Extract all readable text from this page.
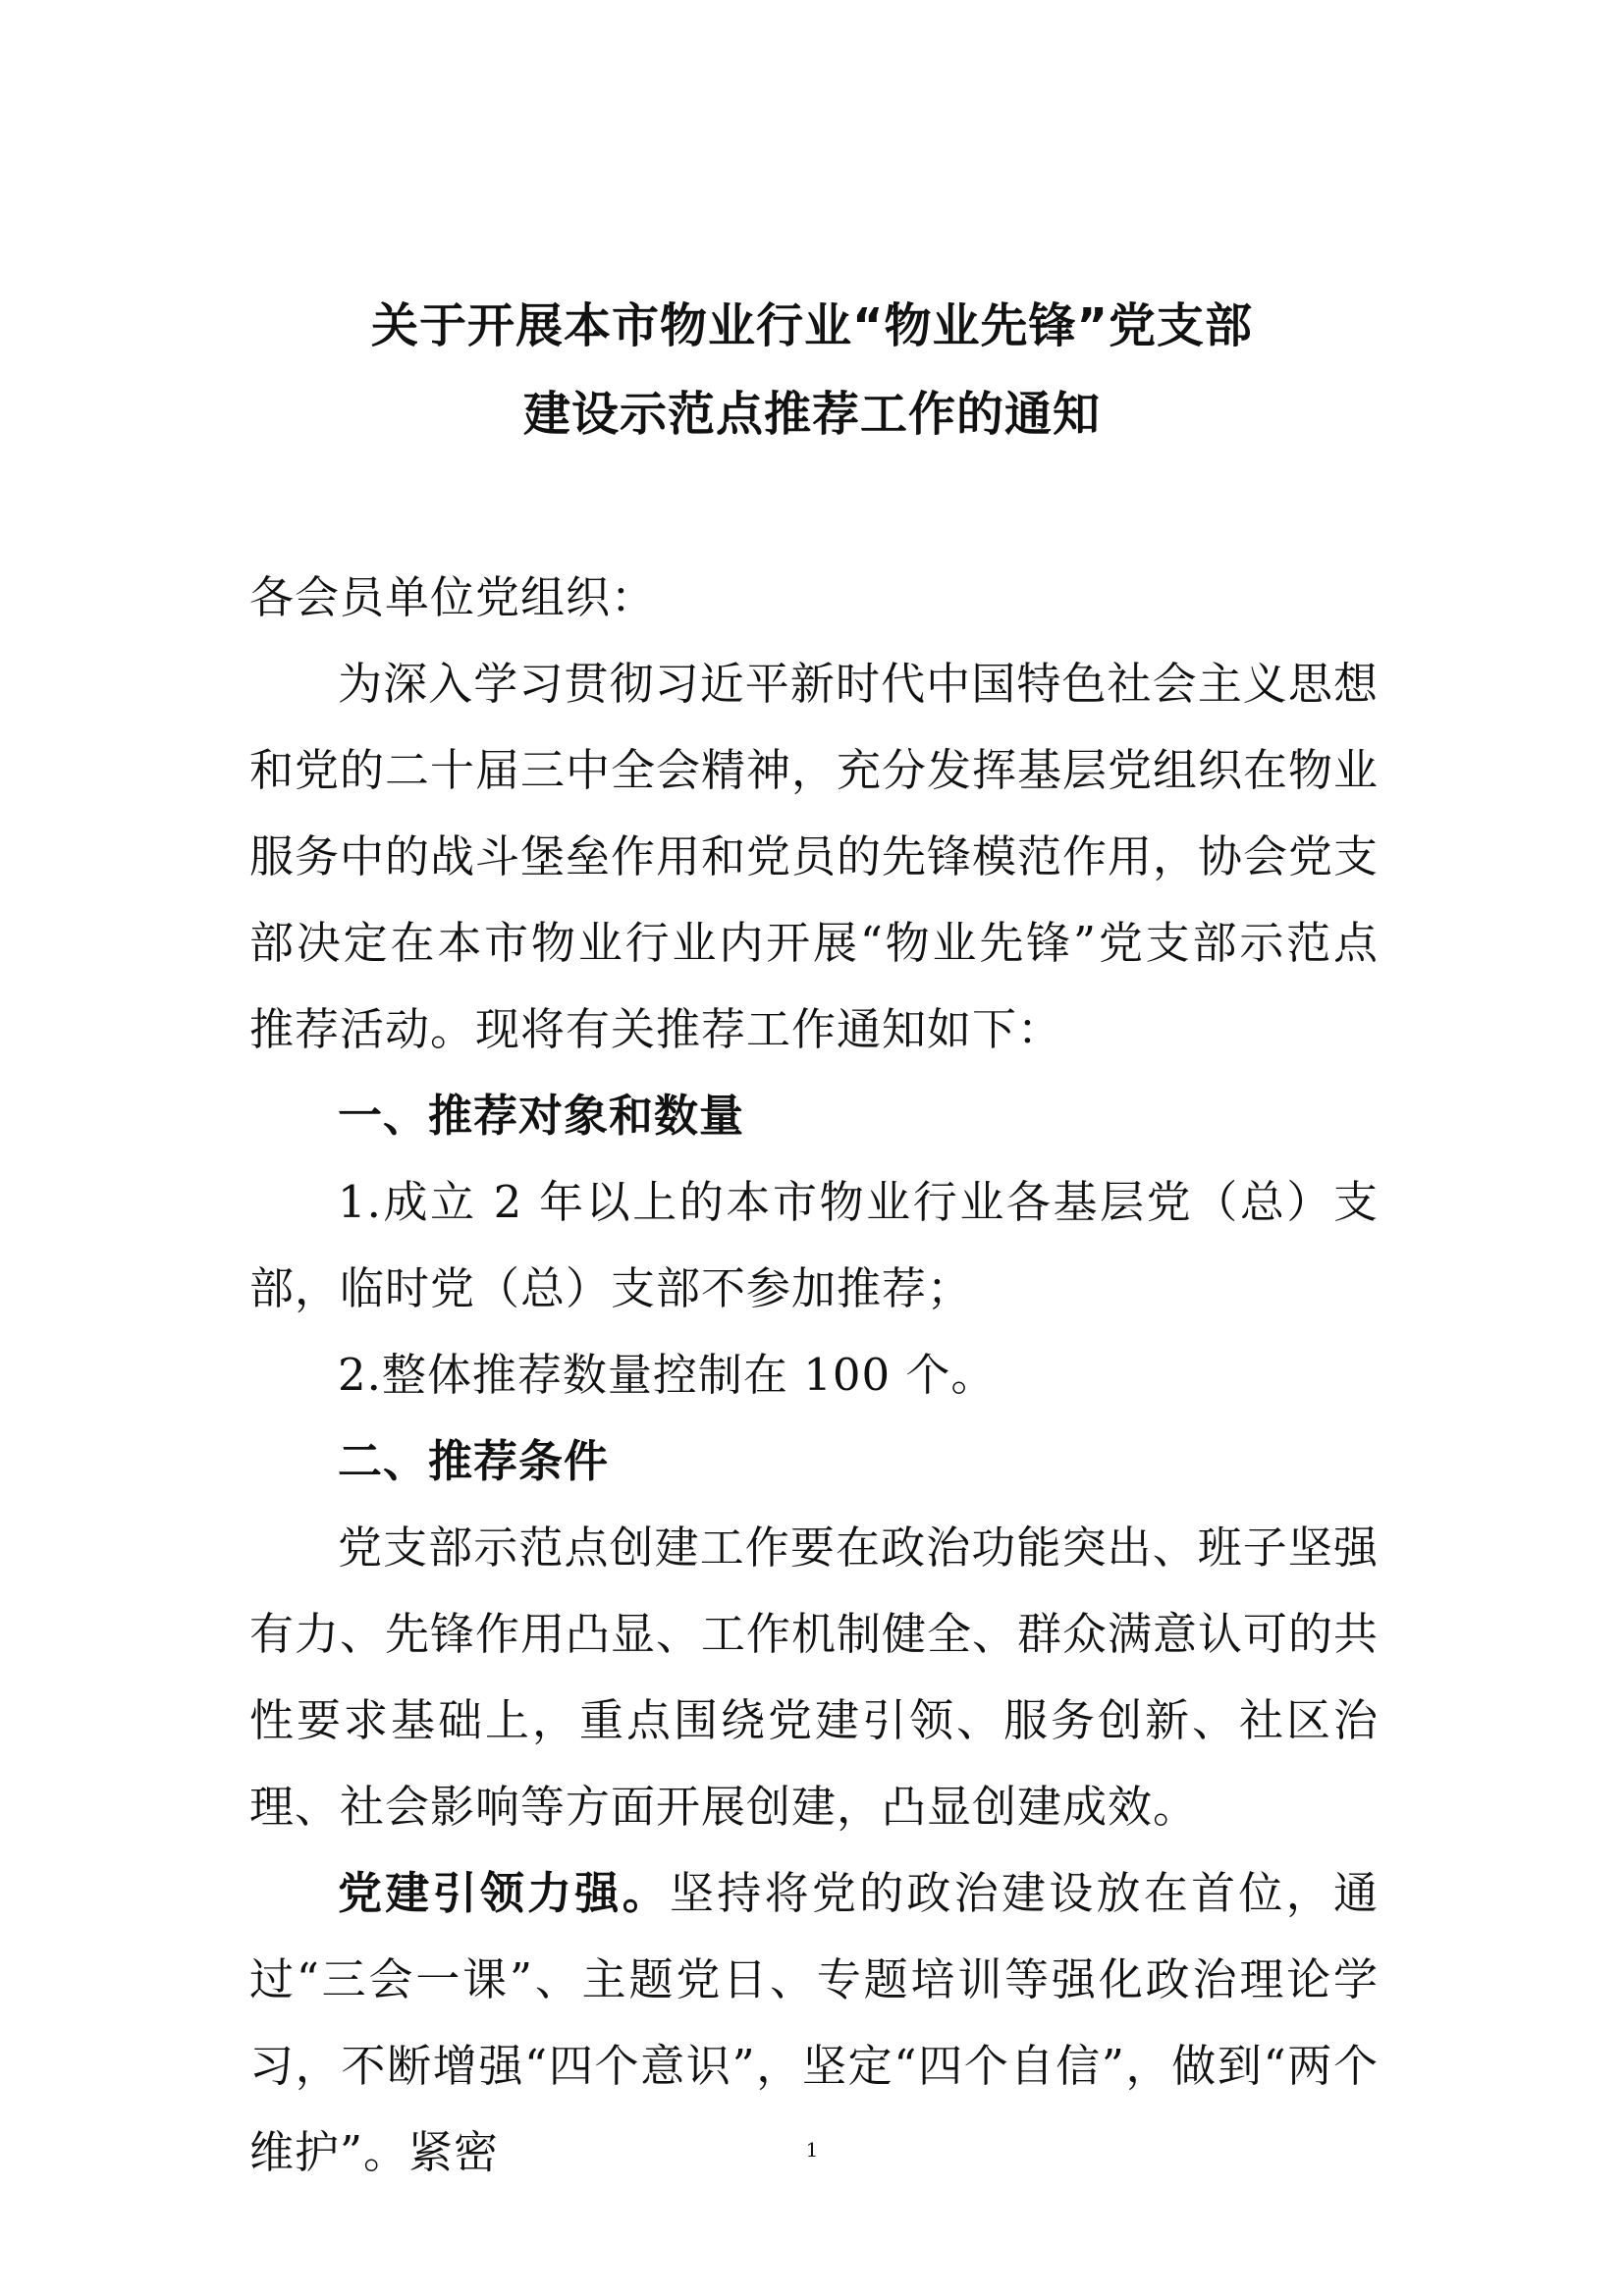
关于开展本市物业行业“物业先锋”党支部
建设示范点推荐工作的通知

各会员单位党组织：

为深入学习贯彻习近平新时代中国特色社会主义思想和党的二十届三中全会精神，充分发挥基层党组织在物业服务中的战斗堡垒作用和党员的先锋模范作用，协会党支部决定在本市物业行业内开展“物业先锋”党支部示范点推荐活动。现将有关推荐工作通知如下：

一、推荐对象和数量

1.成立 2 年以上的本市物业行业各基层党（总）支部，临时党（总）支部不参加推荐；

2.整体推荐数量控制在 100 个。

二、推荐条件

党支部示范点创建工作要在政治功能突出、班子坚强有力、先锋作用凸显、工作机制健全、群众满意认可的共性要求基础上，重点围绕党建引领、服务创新、社区治理、社会影响等方面开展创建，凸显创建成效。

党建引领力强。坚持将党的政治建设放在首位，通过“三会一课”、主题党日、专题培训等强化政治理论学习，不断增强“四个意识”，坚定“四个自信”，做到“两个维护”。紧密	1
